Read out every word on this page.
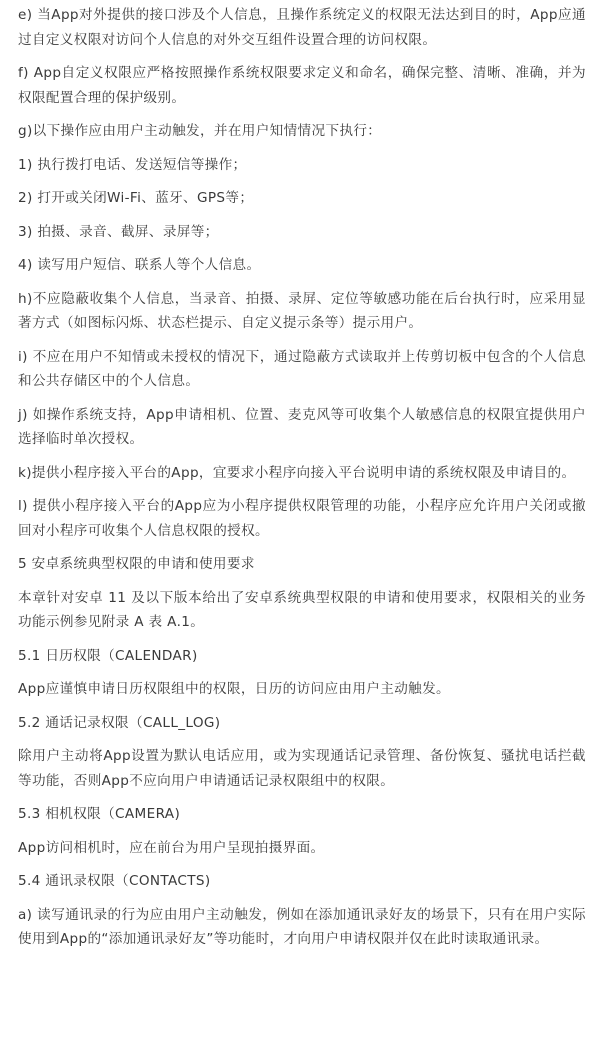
e) 当App对外提供的接口涉及个人信息，且操作系统定义的权限无法达到目的时，App应通过自定义权限对访问个人信息的对外交互组件设置合理的访问权限。

f) App自定义权限应严格按照操作系统权限要求定义和命名，确保完整、清晰、准确，并为权限配置合理的保护级别。

g)以下操作应由用户主动触发，并在用户知情情况下执行：

1) 执行拨打电话、发送短信等操作；

2) 打开或关闭Wi-Fi、蓝牙、GPS等；

3) 拍摄、录音、截屏、录屏等；

4) 读写用户短信、联系人等个人信息。

h)不应隐蔽收集个人信息，当录音、拍摄、录屏、定位等敏感功能在后台执行时，应采用显著方式（如图标闪烁、状态栏提示、自定义提示条等）提示用户。

i) 不应在用户不知情或未授权的情况下，通过隐蔽方式读取并上传剪切板中包含的个人信息和公共存储区中的个人信息。

j) 如操作系统支持，App申请相机、位置、麦克风等可收集个人敏感信息的权限宜提供用户选择临时单次授权。

k)提供小程序接入平台的App，宜要求小程序向接入平台说明申请的系统权限及申请目的。

l) 提供小程序接入平台的App应为小程序提供权限管理的功能，小程序应允许用户关闭或撤回对小程序可收集个人信息权限的授权。

5 安卓系统典型权限的申请和使用要求

本章针对安卓 11 及以下版本给出了安卓系统典型权限的申请和使用要求，权限相关的业务功能示例参见附录 A 表 A.1。

5.1 日历权限（CALENDAR)

App应谨慎申请日历权限组中的权限，日历的访问应由用户主动触发。

5.2 通话记录权限（CALL_LOG)

除用户主动将App设置为默认电话应用，或为实现通话记录管理、备份恢复、骚扰电话拦截等功能，否则App不应向用户申请通话记录权限组中的权限。

5.3 相机权限（CAMERA)

App访问相机时，应在前台为用户呈现拍摄界面。

5.4 通讯录权限（CONTACTS)

a) 读写通讯录的行为应由用户主动触发，例如在添加通讯录好友的场景下，只有在用户实际使用到App的“添加通讯录好友”等功能时，才向用户申请权限并仅在此时读取通讯录。
